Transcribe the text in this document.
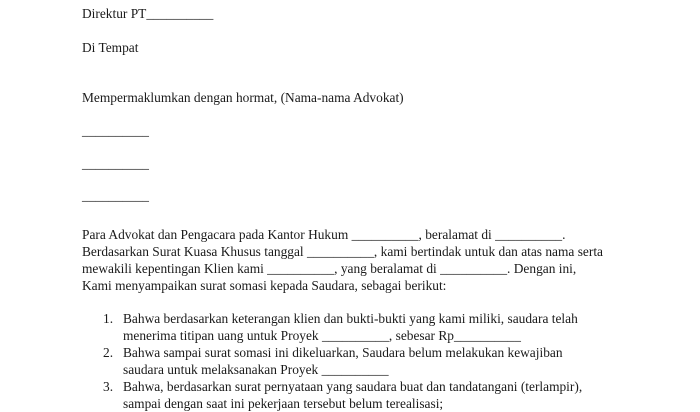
Direktur PT__________
Di Tempat
Mempermaklumkan dengan hormat, (Nama-nama Advokat)
__________
__________
__________
Para Advokat dan Pengacara pada Kantor Hukum __________, beralamat di __________.
Berdasarkan Surat Kuasa Khusus tanggal __________, kami bertindak untuk dan atas nama serta
mewakili kepentingan Klien kami __________, yang beralamat di __________. Dengan ini,
Kami menyampaikan surat somasi kepada Saudara, sebagai berikut:
1. Bahwa berdasarkan keterangan klien dan bukti-bukti yang kami miliki, saudara telah
menerima titipan uang untuk Proyek __________, sebesar Rp__________
2. Bahwa sampai surat somasi ini dikeluarkan, Saudara belum melakukan kewajiban
saudara untuk melaksanakan Proyek __________
3. Bahwa, berdasarkan surat pernyataan yang saudara buat dan tandatangani (terlampir),
sampai dengan saat ini pekerjaan tersebut belum terealisasi;
